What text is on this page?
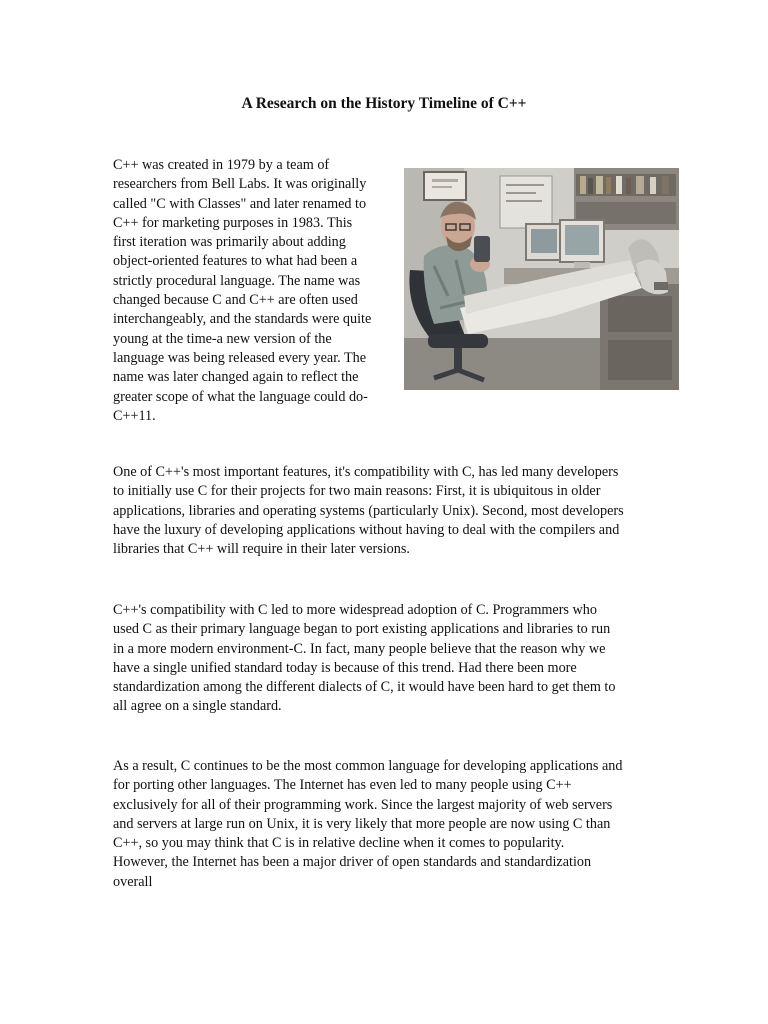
A Research on the History Timeline of C++
C++ was created in 1979 by a team of
researchers from Bell Labs. It was originally
called "C with Classes" and later renamed to
C++ for marketing purposes in 1983. This
first iteration was primarily about adding
object-oriented features to what had been a
strictly procedural language. The name was
changed because C and C++ are often used
interchangeably, and the standards were quite
young at the time-a new version of the
language was being released every year. The
name was later changed again to reflect the
greater scope of what the language could do-
C++11.
One of C++'s most important features, it's compatibility with C, has led many developers
to initially use C for their projects for two main reasons: First, it is ubiquitous in older
applications, libraries and operating systems (particularly Unix). Second, most developers
have the luxury of developing applications without having to deal with the compilers and
libraries that C++ will require in their later versions.
C++'s compatibility with C led to more widespread adoption of C. Programmers who
used C as their primary language began to port existing applications and libraries to run
in a more modern environment-C. In fact, many people believe that the reason why we
have a single unified standard today is because of this trend. Had there been more
standardization among the different dialects of C, it would have been hard to get them to
all agree on a single standard.
As a result, C continues to be the most common language for developing applications and
for porting other languages. The Internet has even led to many people using C++
exclusively for all of their programming work. Since the largest majority of web servers
and servers at large run on Unix, it is very likely that more people are now using C than
C++, so you may think that C is in relative decline when it comes to popularity.
However, the Internet has been a major driver of open standards and standardization
overall
